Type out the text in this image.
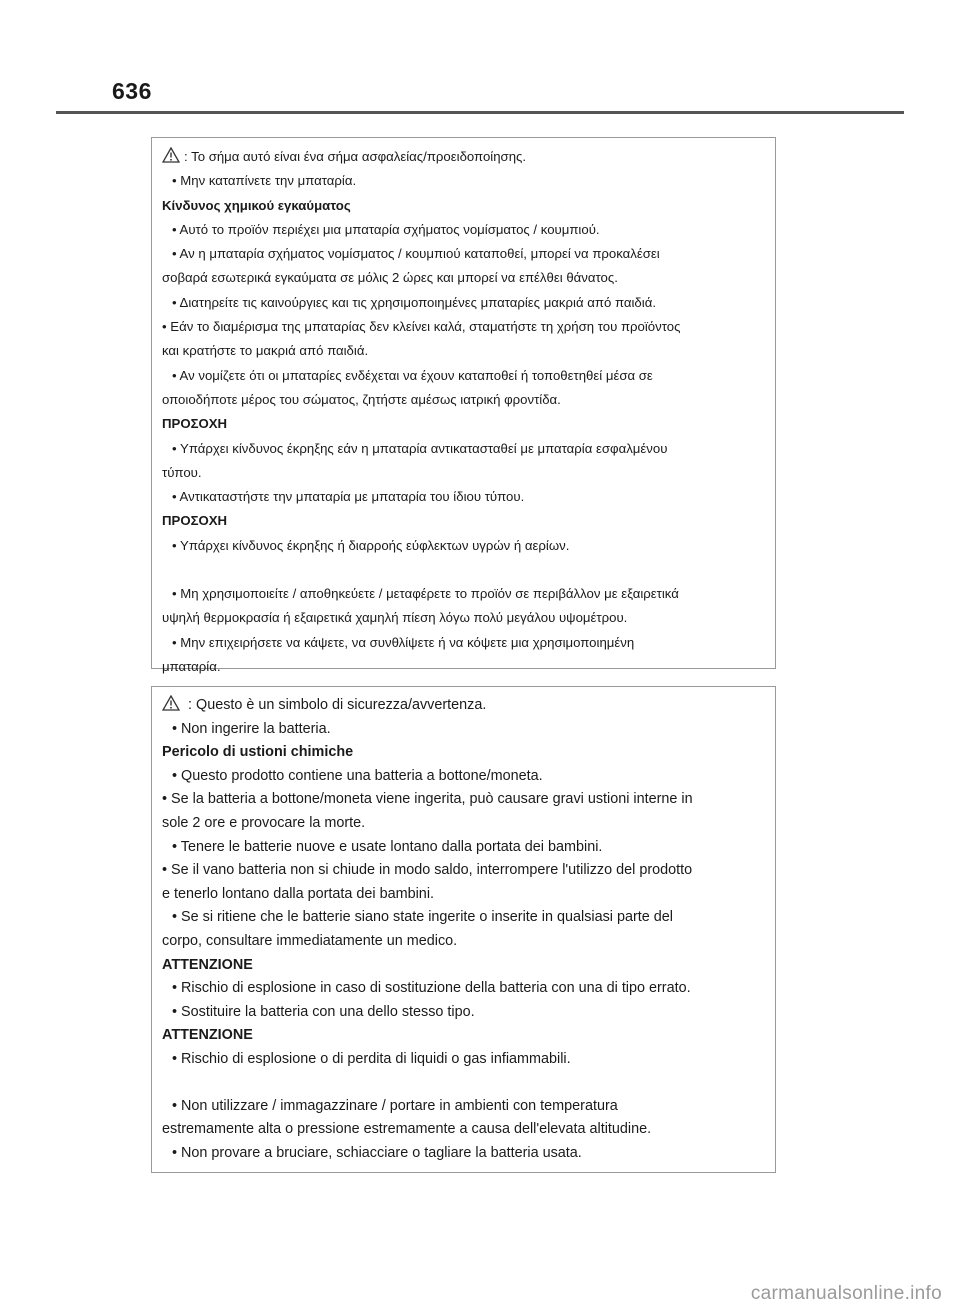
636
: Το σήμα αυτό είναι ένα σήμα ασφαλείας/προειδοποίησης.
• Μην καταπίνετε την μπαταρία.
Κίνδυνος χημικού εγκαύματος
• Αυτό το προϊόν περιέχει μια μπαταρία σχήματος νομίσματος / κουμπιού.
• Αν η μπαταρία σχήματος νομίσματος / κουμπιού καταποθεί, μπορεί να προκαλέσει
σοβαρά εσωτερικά εγκαύματα σε μόλις 2 ώρες και μπορεί να επέλθει θάνατος.
• Διατηρείτε τις καινούργιες και τις χρησιμοποιημένες μπαταρίες μακριά από παιδιά.
• Εάν το διαμέρισμα της μπαταρίας δεν κλείνει καλά, σταματήστε τη χρήση του προϊόντος
και κρατήστε το μακριά από παιδιά.
• Αν νομίζετε ότι οι μπαταρίες ενδέχεται να έχουν καταποθεί ή τοποθετηθεί μέσα σε
οποιοδήποτε μέρος του σώματος, ζητήστε αμέσως ιατρική φροντίδα.
ΠΡΟΣΟΧΗ
• Υπάρχει κίνδυνος έκρηξης εάν η μπαταρία αντικατασταθεί με μπαταρία εσφαλμένου
τύπου.
• Αντικαταστήστε την μπαταρία με μπαταρία του ίδιου τύπου.
ΠΡΟΣΟΧΗ
• Υπάρχει κίνδυνος έκρηξης ή διαρροής εύφλεκτων υγρών ή αερίων.
• Μη χρησιμοποιείτε / αποθηκεύετε / μεταφέρετε το προϊόν σε περιβάλλον με εξαιρετικά
υψηλή θερμοκρασία ή εξαιρετικά χαμηλή πίεση λόγω πολύ μεγάλου υψομέτρου.
• Μην επιχειρήσετε να κάψετε, να συνθλίψετε ή να κόψετε μια χρησιμοποιημένη
μπαταρία.
: Questo è un simbolo di sicurezza/avvertenza.
• Non ingerire la batteria.
Pericolo di ustioni chimiche
• Questo prodotto contiene una batteria a bottone/moneta.
• Se la batteria a bottone/moneta viene ingerita, può causare gravi ustioni interne in
sole 2 ore e provocare la morte.
• Tenere le batterie nuove e usate lontano dalla portata dei bambini.
• Se il vano batteria non si chiude in modo saldo, interrompere l'utilizzo del prodotto
e tenerlo lontano dalla portata dei bambini.
• Se si ritiene che le batterie siano state ingerite o inserite in qualsiasi parte del
corpo, consultare immediatamente un medico.
ATTENZIONE
• Rischio di esplosione in caso di sostituzione della batteria con una di tipo errato.
• Sostituire la batteria con una dello stesso tipo.
ATTENZIONE
• Rischio di esplosione o di perdita di liquidi o gas infiammabili.
• Non utilizzare / immagazzinare / portare in ambienti con temperatura
estremamente alta o pressione estremamente a causa dell'elevata altitudine.
• Non provare a bruciare, schiacciare o tagliare la batteria usata.
carmanualsonline.info
